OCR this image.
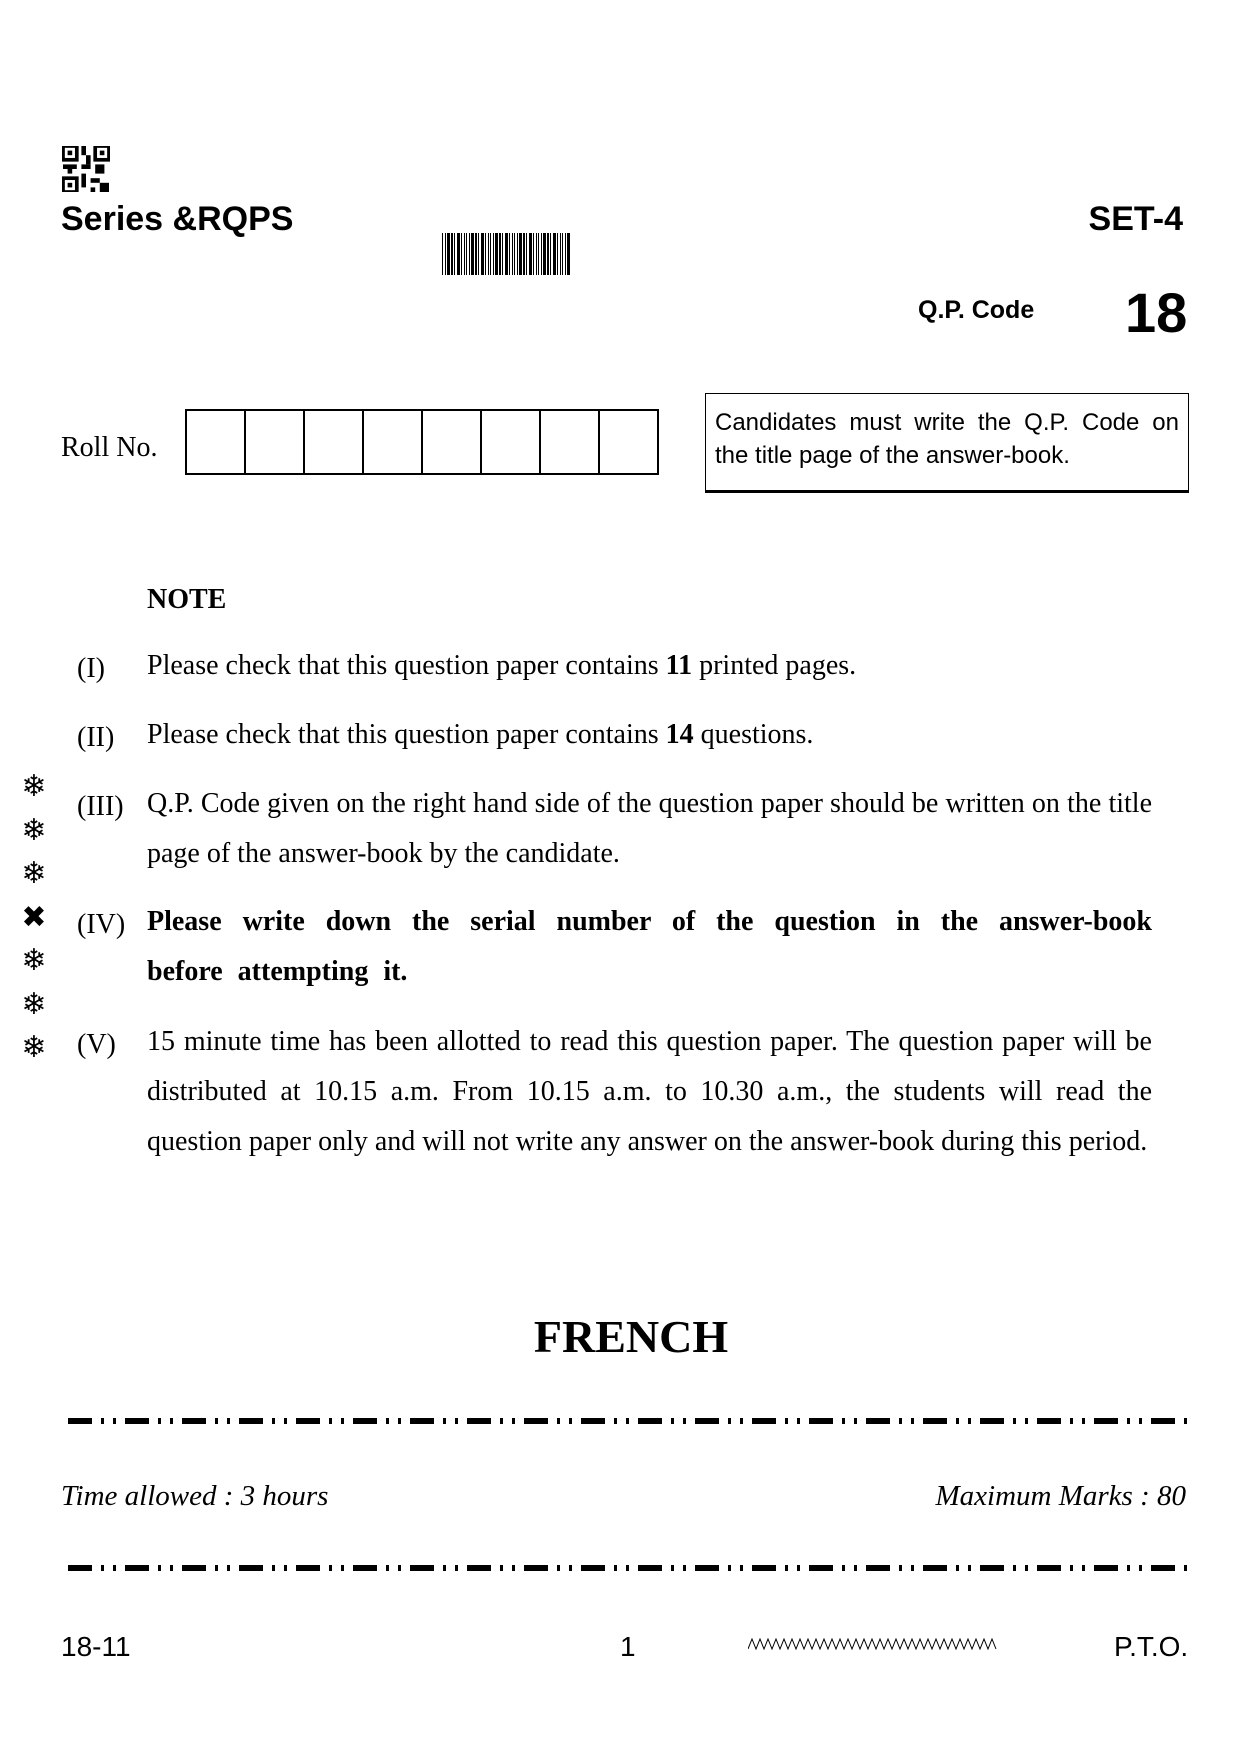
Series &RQPS	SET-4
Q.P. Code 18
Roll No.
Candidates must write the Q.P. Code on the title page of the answer-book.
NOTE
(I) Please check that this question paper contains 11 printed pages.
(II) Please check that this question paper contains 14 questions.
(III) Q.P. Code given on the right hand side of the question paper should be written on the title page of the answer-book by the candidate.
(IV) Please write down the serial number of the question in the answer-book before attempting it.
(V) 15 minute time has been allotted to read this question paper. The question paper will be distributed at 10.15 a.m. From 10.15 a.m. to 10.30 a.m., the students will read the question paper only and will not write any answer on the answer-book during this period.
❄
❄
❄
✖
❄
❄
❄
FRENCH
Time allowed : 3 hours	Maximum Marks : 80
18-11	1	P.T.O.
